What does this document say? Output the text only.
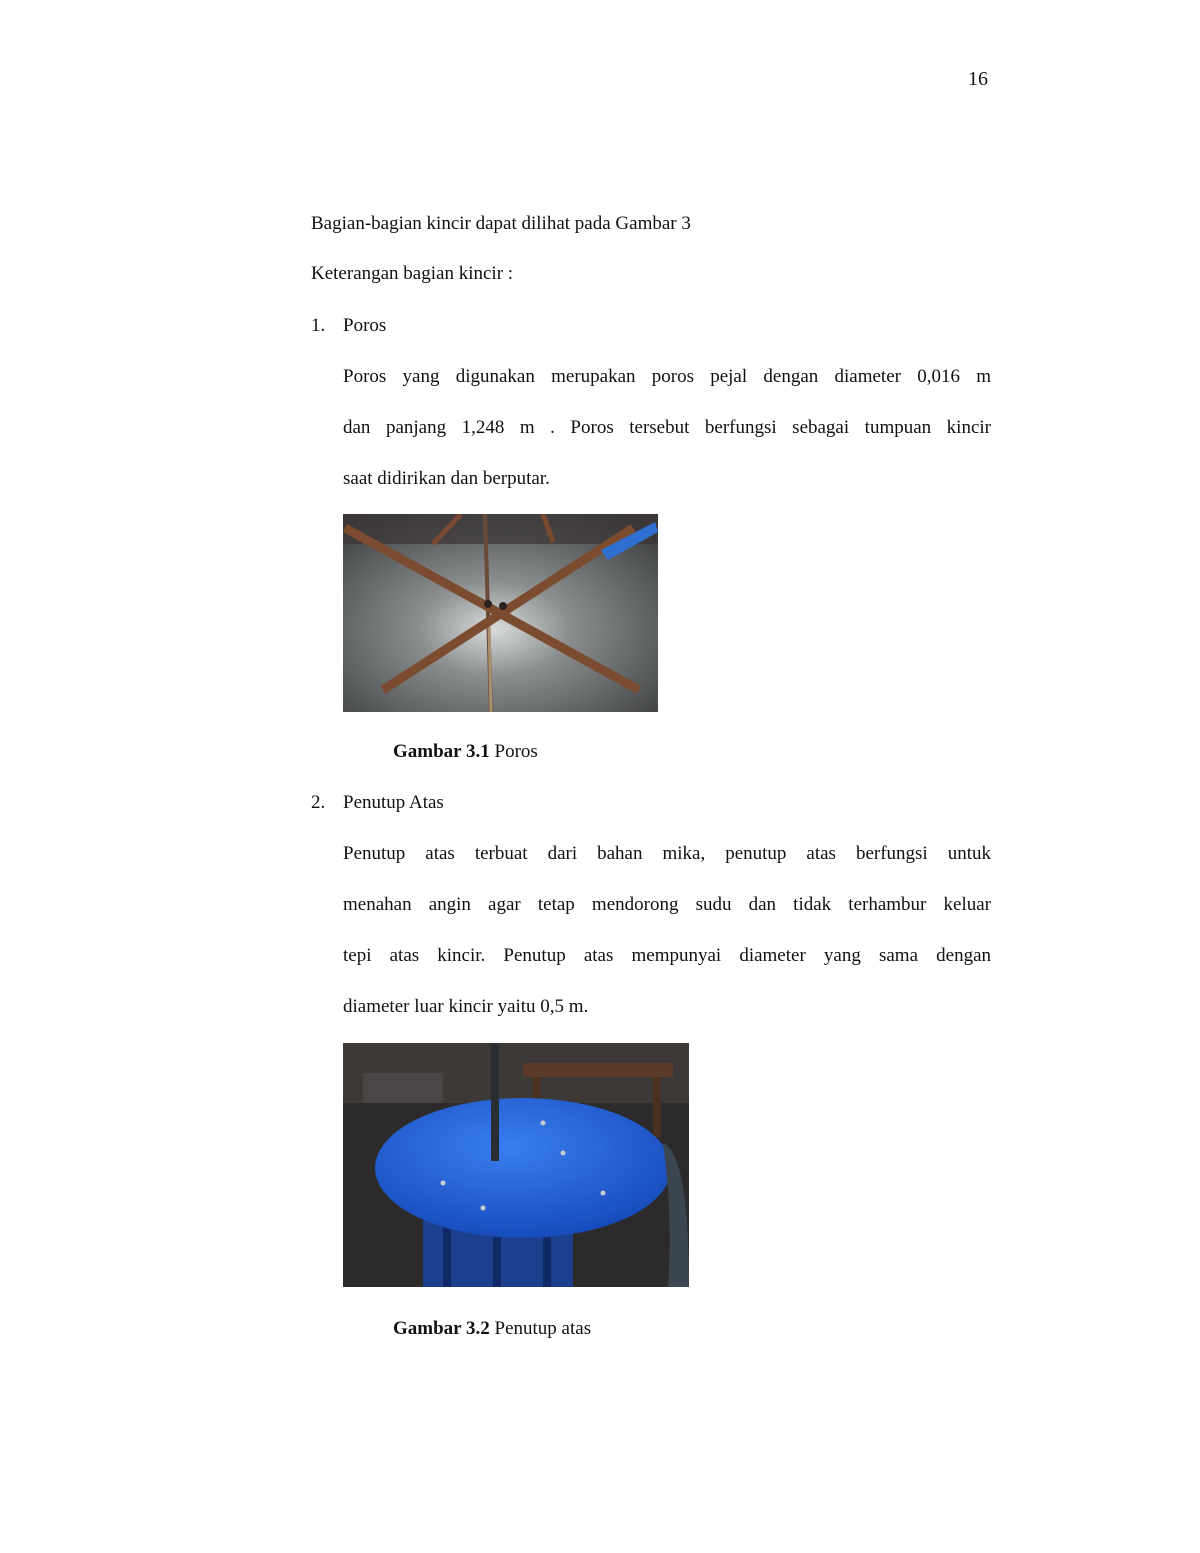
16
Bagian-bagian kincir dapat dilihat pada Gambar 3
Keterangan bagian kincir :
1. Poros
Poros yang digunakan merupakan poros pejal dengan diameter 0,016 m
dan panjang 1,248 m . Poros tersebut berfungsi sebagai tumpuan kincir
saat didirikan dan berputar.
Gambar 3.1 Poros
2. Penutup Atas
Penutup atas terbuat dari bahan mika, penutup atas berfungsi untuk
menahan angin agar tetap mendorong sudu dan tidak terhambur keluar
tepi atas kincir. Penutup atas mempunyai diameter yang sama dengan
diameter luar kincir yaitu 0,5 m.
Gambar 3.2 Penutup atas
